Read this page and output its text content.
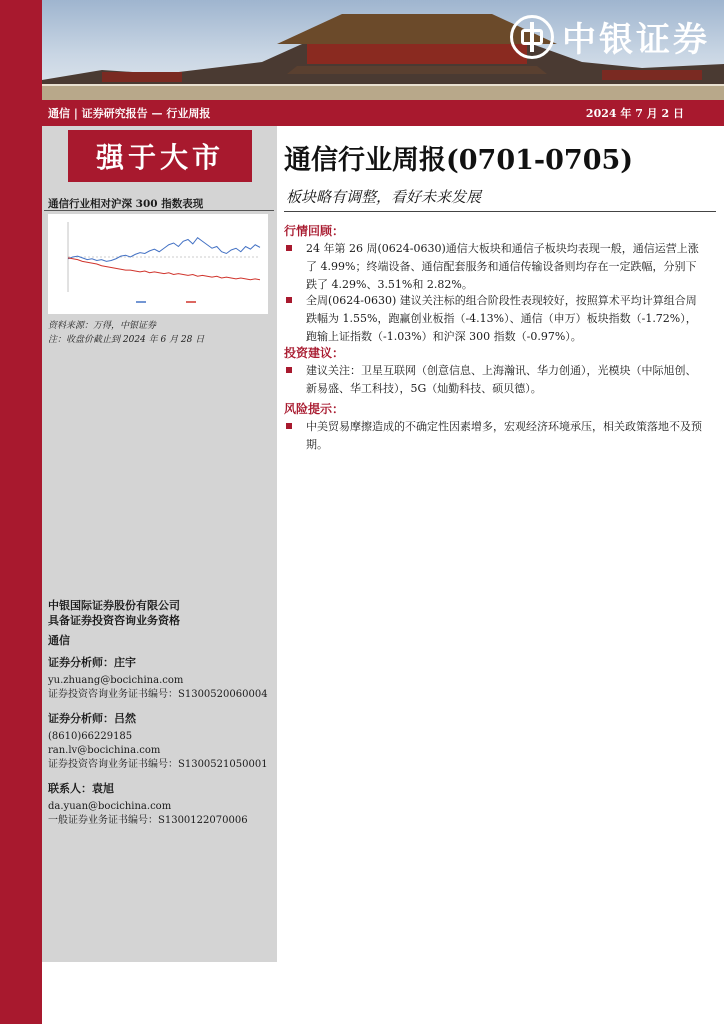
中银证券
通信 | 证券研究报告 — 行业周报	2024 年 7 月 2 日
强于大市
通信行业相对沪深 300 指数表现
资料来源：万得，中银证券
注：收盘价截止到 2024 年 6 月 28 日
中银国际证券股份有限公司
具备证券投资咨询业务资格
通信
证券分析师：庄宇
yu.zhuang@bocichina.com
证券投资咨询业务证书编号：S1300520060004
证券分析师：吕然
(8610)66229185
ran.lv@bocichina.com
证券投资咨询业务证书编号：S1300521050001
联系人：袁旭
da.yuan@bocichina.com
一般证券业务证书编号：S1300122070006
通信行业周报(0701-0705)
板块略有调整，看好未来发展
行情回顾：
24 年第 26 周(0624-0630)通信大板块和通信子板块均表现一般，通信运营上涨了 4.99%；终端设备、通信配套服务和通信传输设备则均存在一定跌幅，分别下跌了 4.29%、3.51%和 2.82%。
全周(0624-0630) 建议关注标的组合阶段性表现较好，按照算术平均计算组合周跌幅为 1.55%，跑赢创业板指（-4.13%）、通信（申万）板块指数（-1.72%），跑输上证指数（-1.03%）和沪深 300 指数（-0.97%）。
投资建议：
建议关注：卫星互联网（创意信息、上海瀚讯、华力创通），光模块（中际旭创、新易盛、华工科技），5G（灿勤科技、硕贝德）。
风险提示：
中美贸易摩擦造成的不确定性因素增多，宏观经济环境承压，相关政策落地不及预期。
